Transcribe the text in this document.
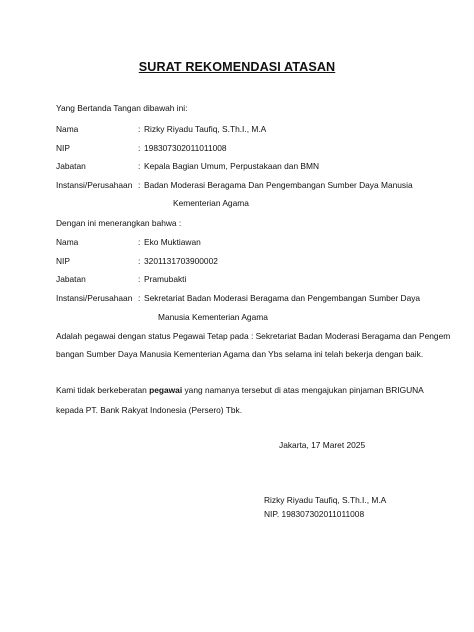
SURAT REKOMENDASI ATASAN
Yang Bertanda Tangan dibawah ini:
Nama	: Rizky Riyadu Taufiq, S.Th.I., M.A
NIP	: 198307302011011008
Jabatan	: Kepala Bagian Umum, Perpustakaan dan BMN
Instansi/Perusahaan : Badan Moderasi Beragama Dan Pengembangan Sumber Daya Manusia
Kementerian Agama
Dengan ini menerangkan bahwa :
Nama	: Eko Muktiawan
NIP	: 3201131703900002
Jabatan	: Pramubakti
Instansi/Perusahaan : Sekretariat Badan Moderasi Beragama dan Pengembangan Sumber Daya
Manusia Kementerian Agama
Adalah pegawai dengan status Pegawai Tetap pada : Sekretariat Badan Moderasi Beragama dan Pengem
bangan Sumber Daya Manusia Kementerian Agama dan Ybs selama ini telah bekerja dengan baik.
Kami tidak berkeberatan pegawai yang namanya tersebut di atas mengajukan pinjaman BRIGUNA
kepada PT. Bank Rakyat Indonesia (Persero) Tbk.
Jakarta, 17 Maret 2025
Rizky Riyadu Taufiq, S.Th.I., M.A
NIP. 198307302011011008
